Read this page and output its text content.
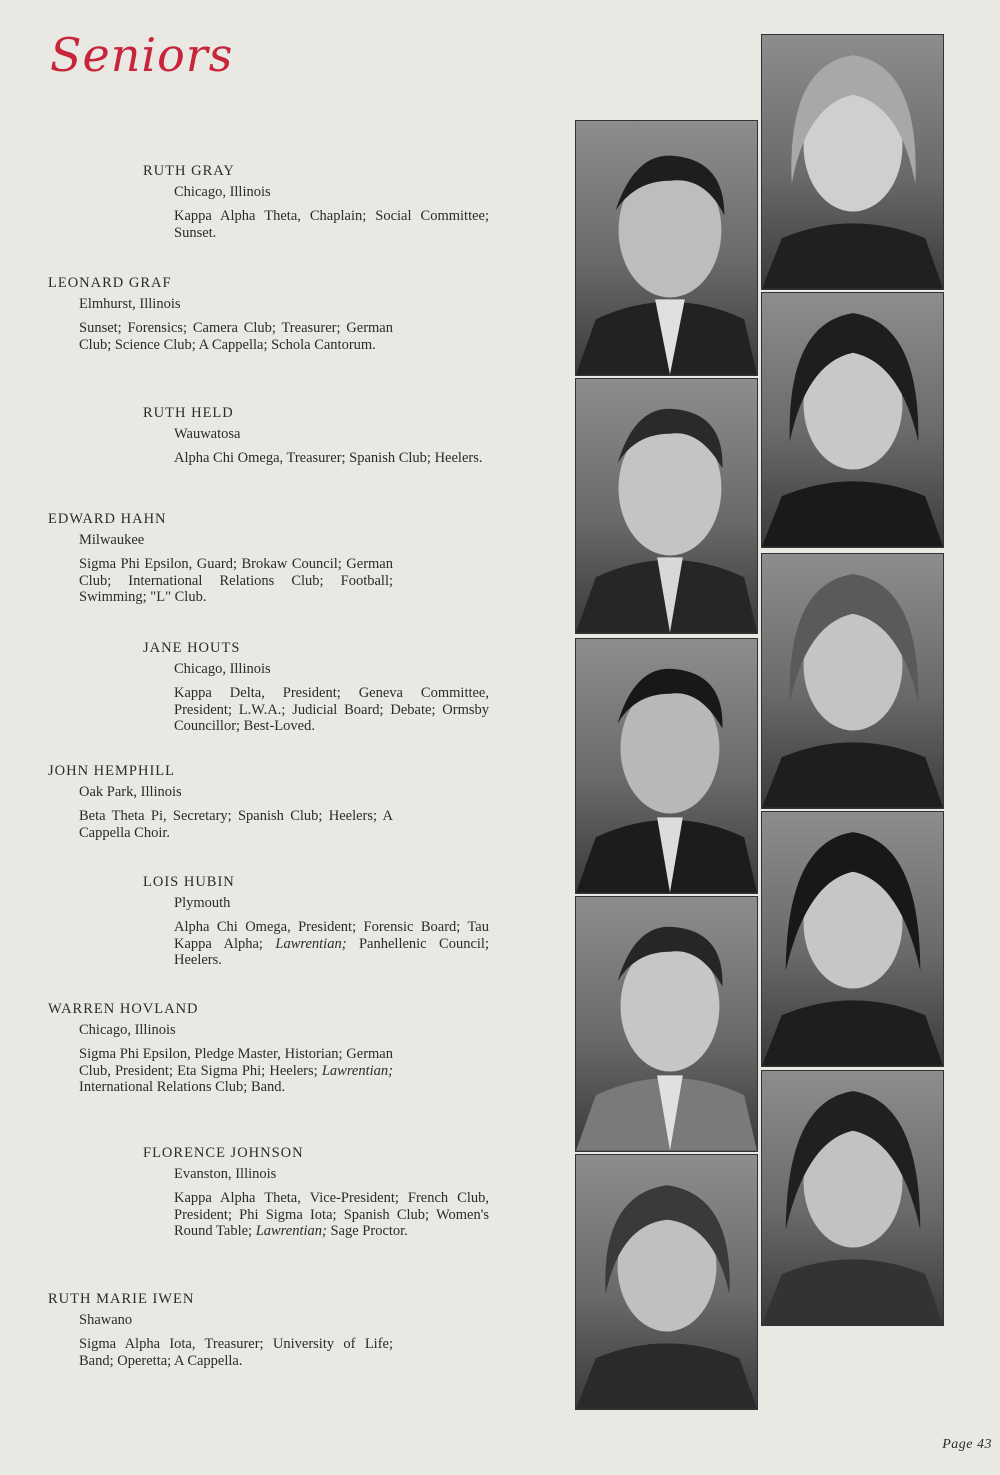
Seniors
RUTH GRAY
Chicago, Illinois
Kappa Alpha Theta, Chaplain; Social Committee; Sunset.
LEONARD GRAF
Elmhurst, Illinois
Sunset; Forensics; Camera Club; Treasurer; German Club; Science Club; A Cappella; Schola Cantorum.
RUTH HELD
Wauwatosa
Alpha Chi Omega, Treasurer; Spanish Club; Heelers.
EDWARD HAHN
Milwaukee
Sigma Phi Epsilon, Guard; Brokaw Council; German Club; International Relations Club; Football; Swimming; "L" Club.
JANE HOUTS
Chicago, Illinois
Kappa Delta, President; Geneva Committee, President; L.W.A.; Judicial Board; Debate; Ormsby Councillor; Best-Loved.
JOHN HEMPHILL
Oak Park, Illinois
Beta Theta Pi, Secretary; Spanish Club; Heelers; A Cappella Choir.
LOIS HUBIN
Plymouth
Alpha Chi Omega, President; Forensic Board; Tau Kappa Alpha; Lawrentian; Panhellenic Council; Heelers.
WARREN HOVLAND
Chicago, Illinois
Sigma Phi Epsilon, Pledge Master, Historian; German Club, President; Eta Sigma Phi; Heelers; Lawrentian; International Relations Club; Band.
FLORENCE JOHNSON
Evanston, Illinois
Kappa Alpha Theta, Vice-President; French Club, President; Phi Sigma Iota; Spanish Club; Women's Round Table; Lawrentian; Sage Proctor.
RUTH MARIE IWEN
Shawano
Sigma Alpha Iota, Treasurer; University of Life; Band; Operetta; A Cappella.
Page 43
